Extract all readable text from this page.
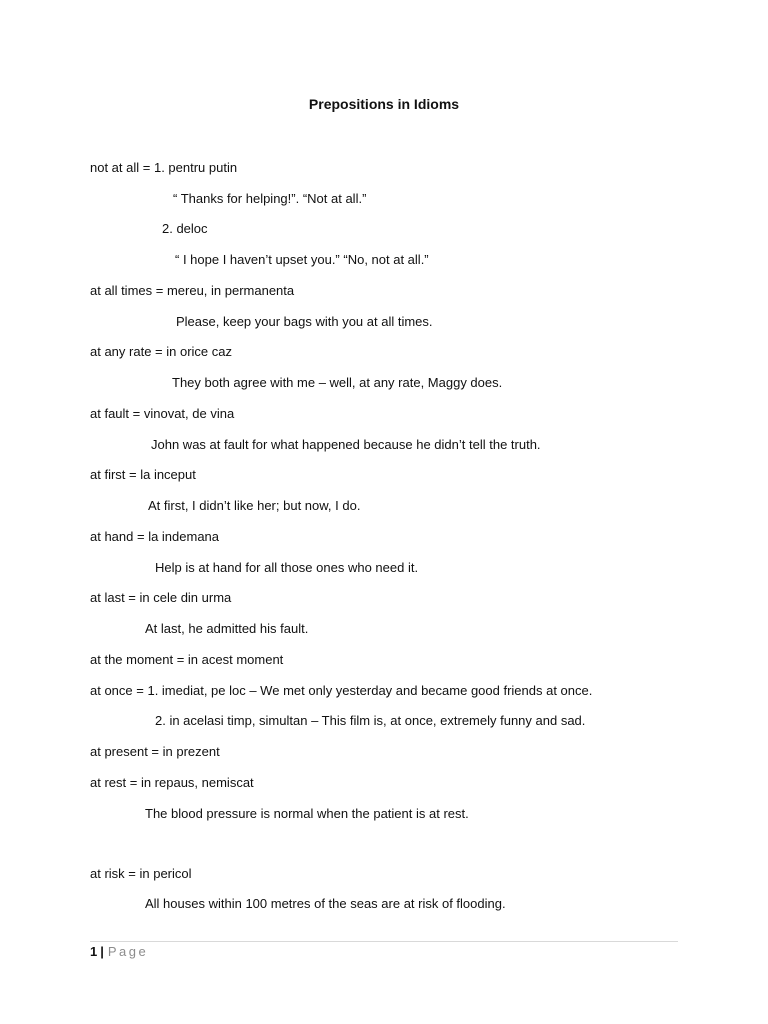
Prepositions in Idioms
not at all = 1. pentru putin
“ Thanks for helping!”. “Not at all.”
2. deloc
“ I hope I haven’t upset you.” “No, not at all.”
at all times = mereu, in permanenta
Please, keep your bags with you at all times.
at any rate = in orice caz
They both agree with me – well, at any rate, Maggy does.
at fault = vinovat, de vina
John was at fault for what happened because he didn’t tell the truth.
at first = la inceput
At first, I didn’t like her; but now, I do.
at hand = la indemana
Help is at hand for all those ones who need it.
at last = in cele din urma
At last, he admitted his fault.
at the moment = in acest moment
at once = 1. imediat, pe loc – We met only yesterday and became good friends at once.
2. in acelasi timp, simultan – This film is, at once, extremely funny and sad.
at present = in prezent
at rest = in repaus, nemiscat
The blood pressure is normal when the patient is at rest.
at risk = in pericol
All houses within 100 metres of the seas are at risk of flooding.
1 | Page
